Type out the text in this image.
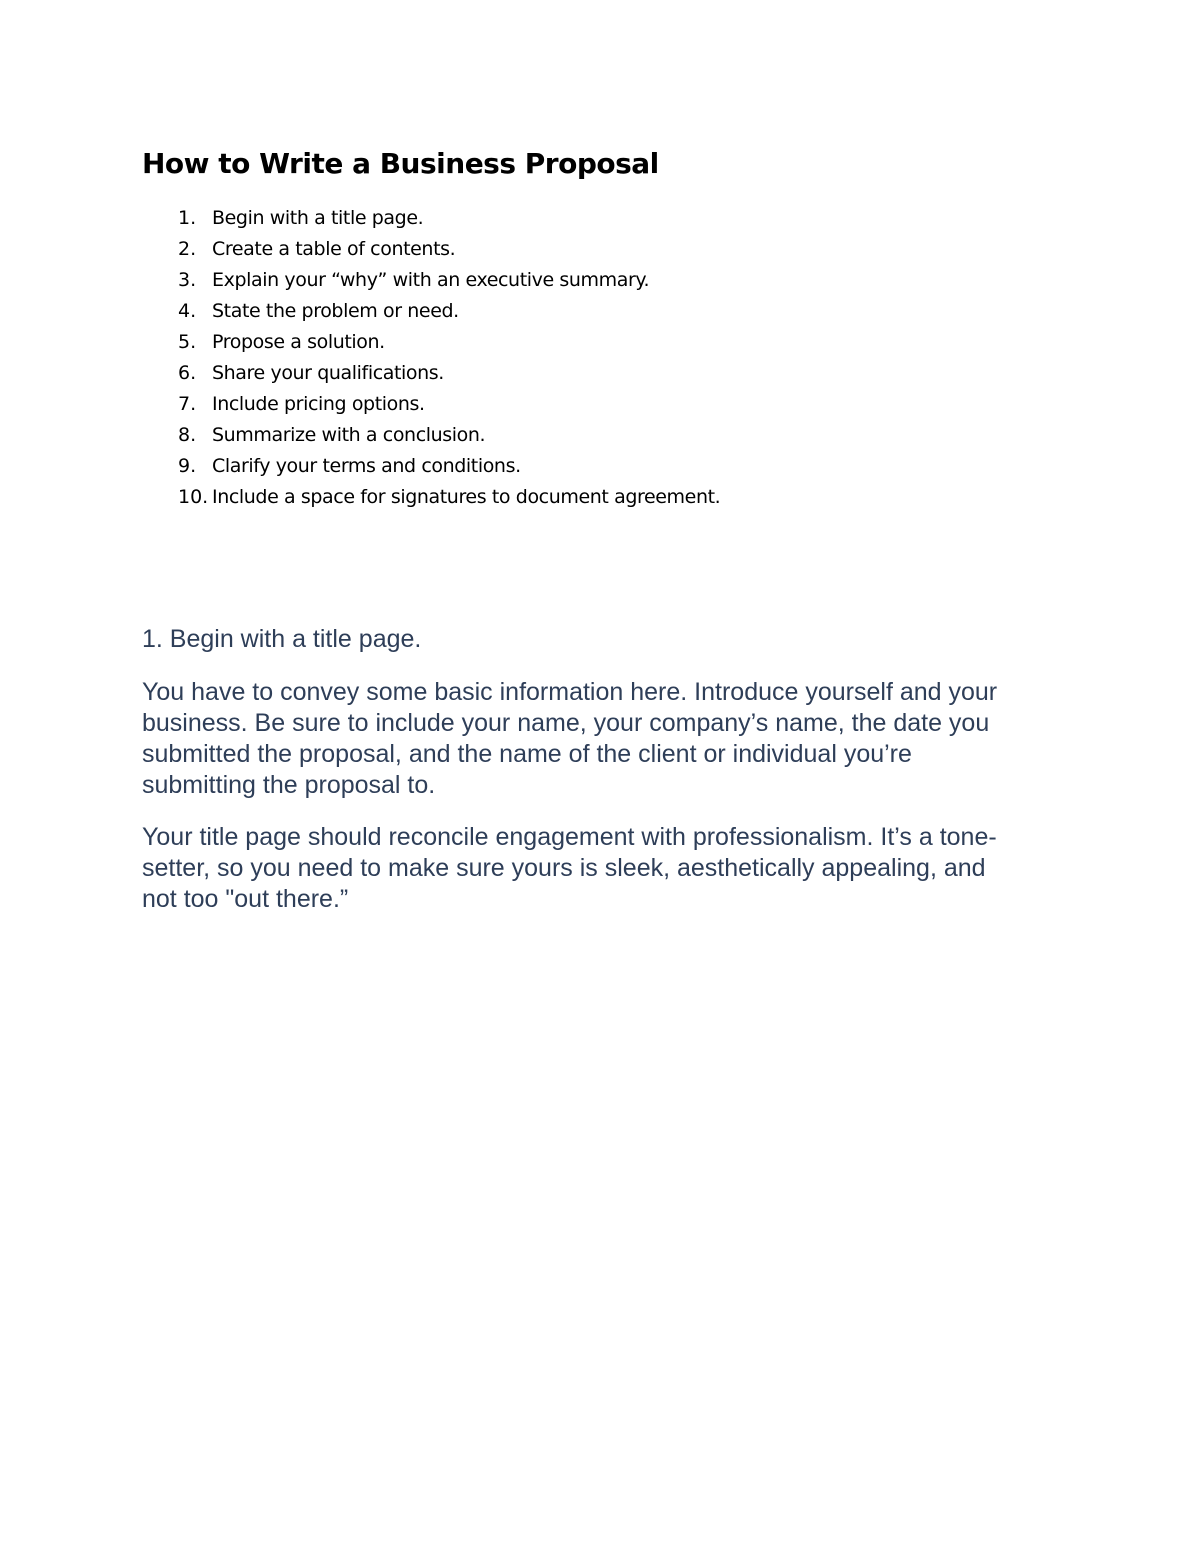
How to Write a Business Proposal
1. Begin with a title page.
2. Create a table of contents.
3. Explain your “why” with an executive summary.
4. State the problem or need.
5. Propose a solution.
6. Share your qualifications.
7. Include pricing options.
8. Summarize with a conclusion.
9. Clarify your terms and conditions.
10. Include a space for signatures to document agreement.
1. Begin with a title page.

You have to convey some basic information here. Introduce yourself and your
business. Be sure to include your name, your company’s name, the date you
submitted the proposal, and the name of the client or individual you’re
submitting the proposal to.

Your title page should reconcile engagement with professionalism. It’s a tone-
setter, so you need to make sure yours is sleek, aesthetically appealing, and
not too "out there.”
